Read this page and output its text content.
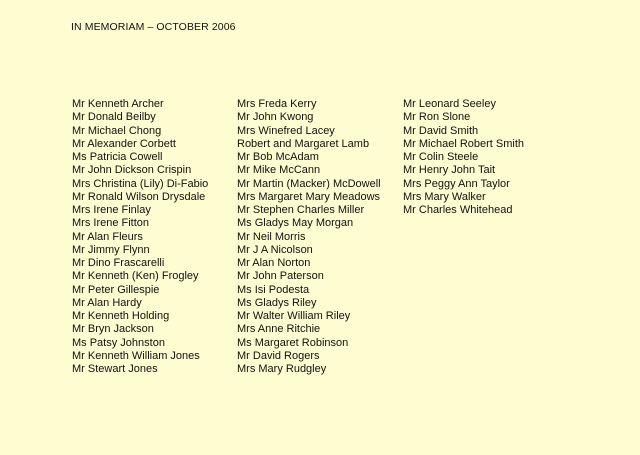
IN MEMORIAM – OCTOBER 2006
Mr Kenneth Archer
Mr Donald Beilby
Mr Michael Chong
Mr Alexander Corbett
Ms Patricia Cowell
Mr John Dickson Crispin
Mrs Christina (Lily) Di-Fabio
Mr Ronald Wilson Drysdale
Mrs Irene Finlay
Mrs Irene Fitton
Mr Alan Fleurs
Mr Jimmy Flynn
Mr Dino Frascarelli
Mr Kenneth (Ken) Frogley
Mr Peter Gillespie
Mr Alan Hardy
Mr Kenneth Holding
Mr Bryn Jackson
Ms Patsy Johnston
Mr Kenneth William Jones
Mr Stewart Jones
Mrs Freda Kerry
Mr John Kwong
Mrs Winefred Lacey
Robert and Margaret Lamb
Mr Bob McAdam
Mr Mike McCann
Mr Martin (Macker) McDowell
Mrs Margaret Mary Meadows
Mr Stephen Charles Miller
Ms Gladys May Morgan
Mr Neil Morris
Mr J A Nicolson
Mr Alan Norton
Mr John Paterson
Ms Isi Podesta
Ms Gladys Riley
Mr Walter William Riley
Mrs Anne Ritchie
Ms Margaret Robinson
Mr David Rogers
Mrs Mary Rudgley
Mr Leonard Seeley
Mr Ron Slone
Mr David Smith
Mr Michael Robert Smith
Mr Colin Steele
Mr Henry John Tait
Mrs Peggy Ann Taylor
Mrs Mary Walker
Mr Charles Whitehead
